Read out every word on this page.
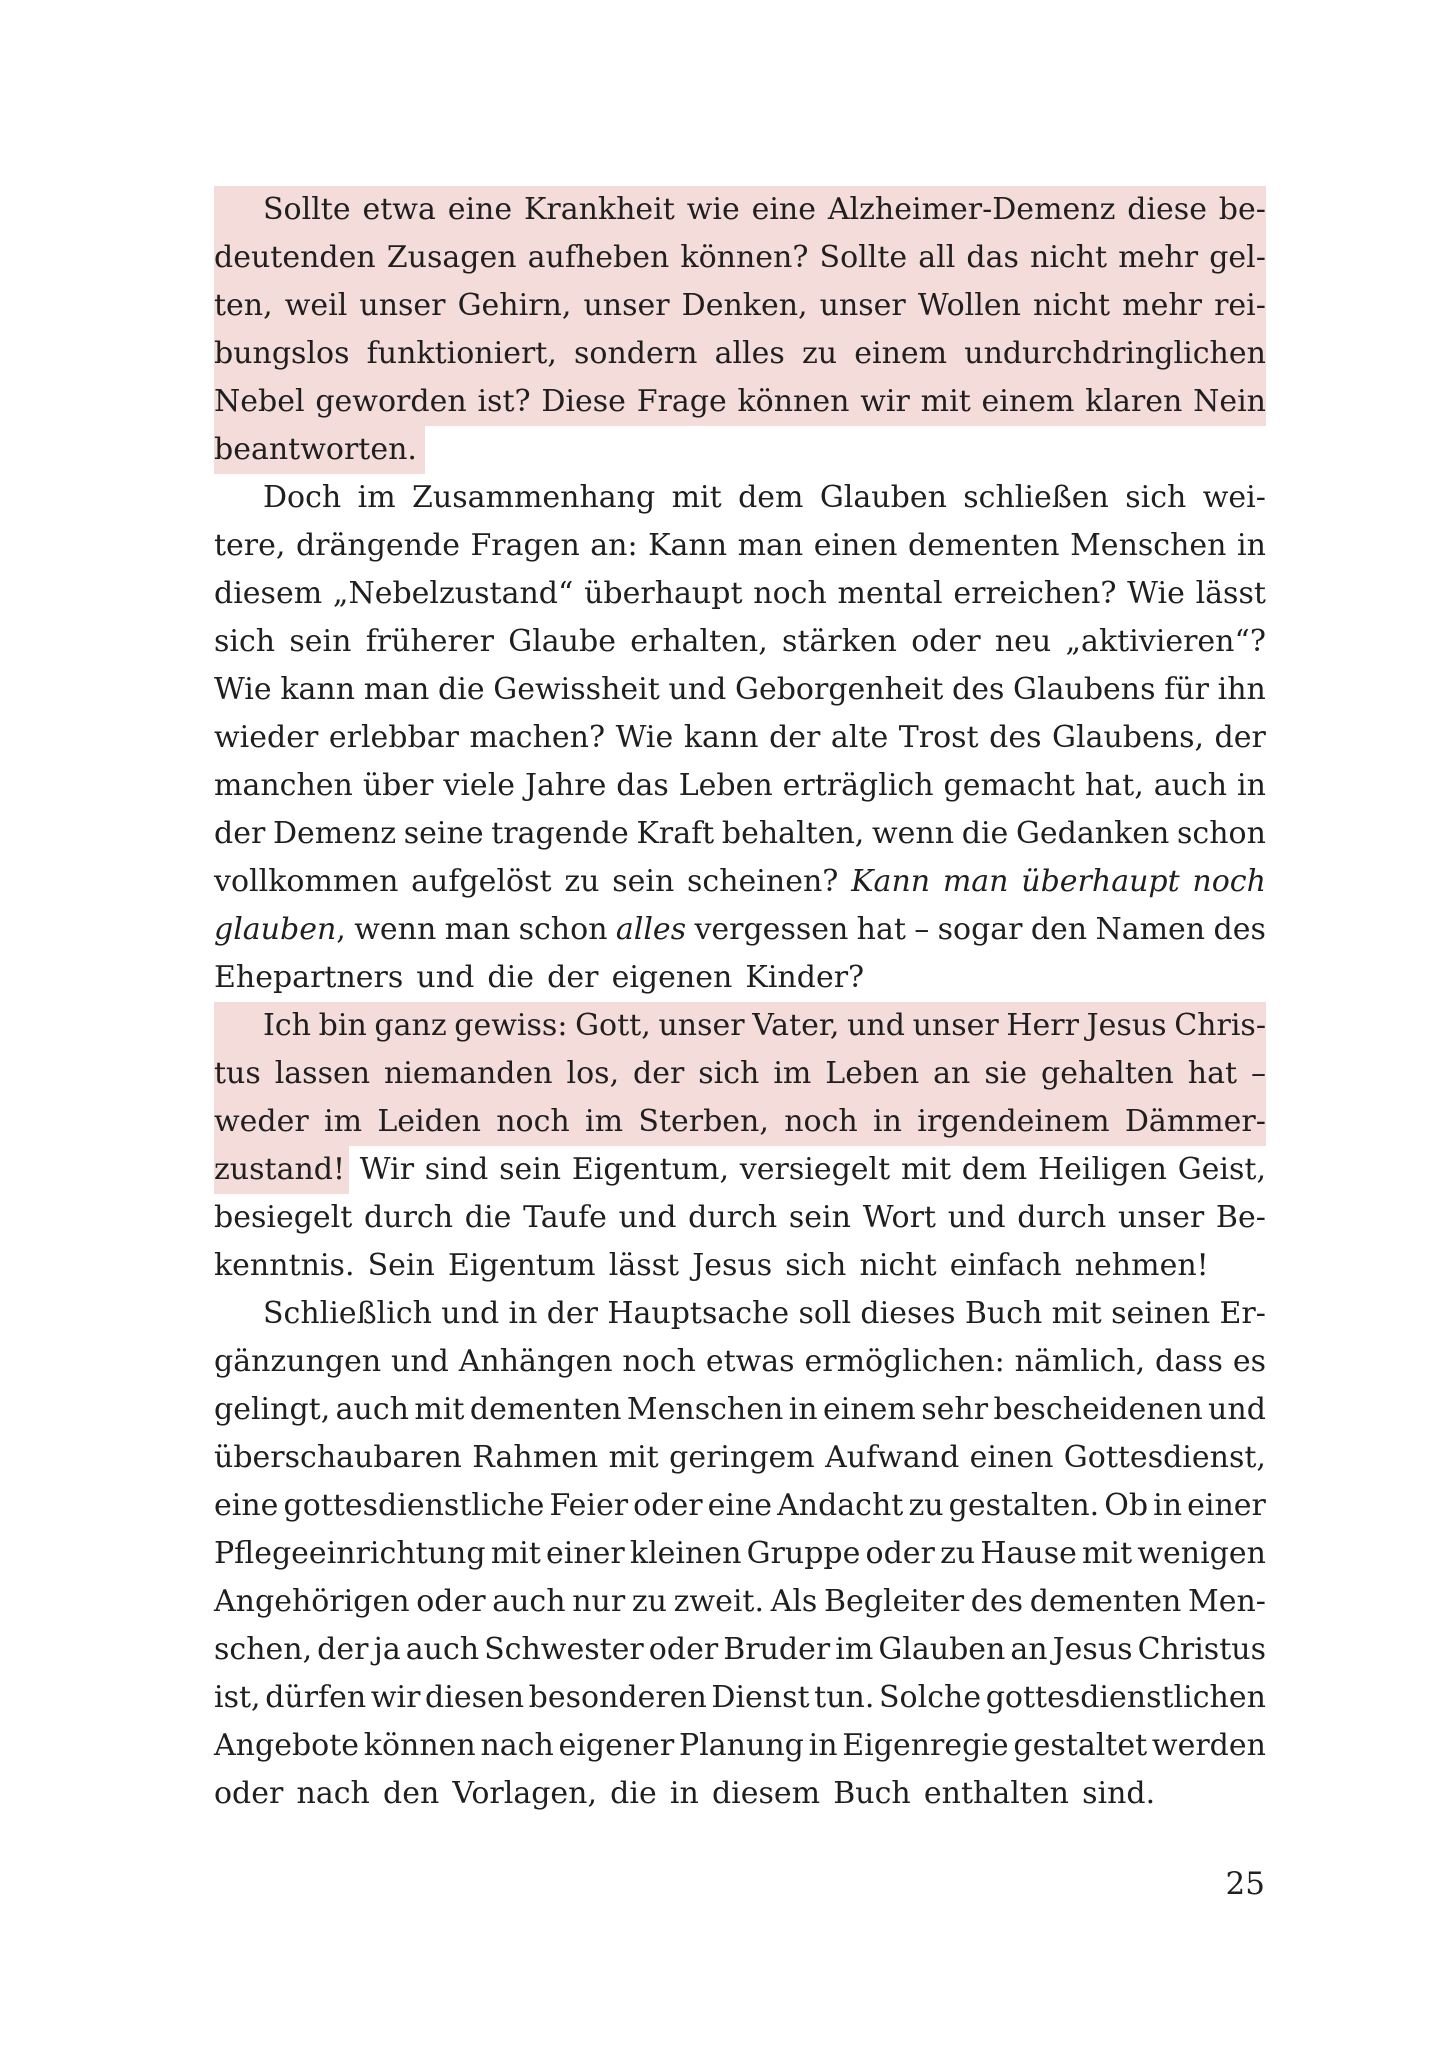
Sollte etwa eine Krankheit wie eine Alzheimer-Demenz diese be-
deutenden Zusagen aufheben können? Sollte all das nicht mehr gel-
ten, weil unser Gehirn, unser Denken, unser Wollen nicht mehr rei-
bungslos funktioniert, sondern alles zu einem undurchdringlichen
Nebel geworden ist? Diese Frage können wir mit einem klaren Nein
beantworten.
Doch im Zusammenhang mit dem Glauben schließen sich wei-
tere, drängende Fragen an: Kann man einen dementen Menschen in
diesem „Nebelzustand“ überhaupt noch mental erreichen? Wie lässt
sich sein früherer Glaube erhalten, stärken oder neu „aktivieren“?
Wie kann man die Gewissheit und Geborgenheit des Glaubens für ihn
wieder erlebbar machen? Wie kann der alte Trost des Glaubens, der
manchen über viele Jahre das Leben erträglich gemacht hat, auch in
der Demenz seine tragende Kraft behalten, wenn die Gedanken schon
vollkommen aufgelöst zu sein scheinen? Kann man überhaupt noch
glauben, wenn man schon alles vergessen hat – sogar den Namen des
Ehepartners
und
die
der
eigenen
Kinder?
Ich bin ganz gewiss: Gott, unser Vater, und unser Herr Jesus Chris-
tus lassen niemanden los, der sich im Leben an sie gehalten hat –
weder im Leiden noch im Sterben, noch in irgendeinem Dämmer-
zustand! Wir sind sein Eigentum, versiegelt mit dem Heiligen Geist,
besiegelt durch die Taufe und durch sein Wort und durch unser Be-
kenntnis.
Sein
Eigentum
lässt
Jesus
sich
nicht
einfach
nehmen!
Schließlich und in der Hauptsache soll dieses Buch mit seinen Er-
gänzungen und Anhängen noch etwas ermöglichen: nämlich, dass es
gelingt, auch mit dementen Menschen in einem sehr bescheidenen und
überschaubaren Rahmen mit geringem Aufwand einen Gottesdienst,
eine gottesdienstliche Feier oder eine Andacht zu gestalten. Ob in einer
Pflegeeinrichtung mit einer kleinen Gruppe oder zu Hause mit wenigen
Angehörigen oder auch nur zu zweit. Als Begleiter des dementen Men-
schen, der ja auch Schwester oder Bruder im Glauben an Jesus Christus
ist, dürfen wir diesen besonderen Dienst tun. Solche gottesdienstlichen
Angebote können nach eigener Planung in Eigenregie gestaltet werden
oder
nach
den
Vorlagen,
die
in
diesem
Buch
enthalten
sind.
25
